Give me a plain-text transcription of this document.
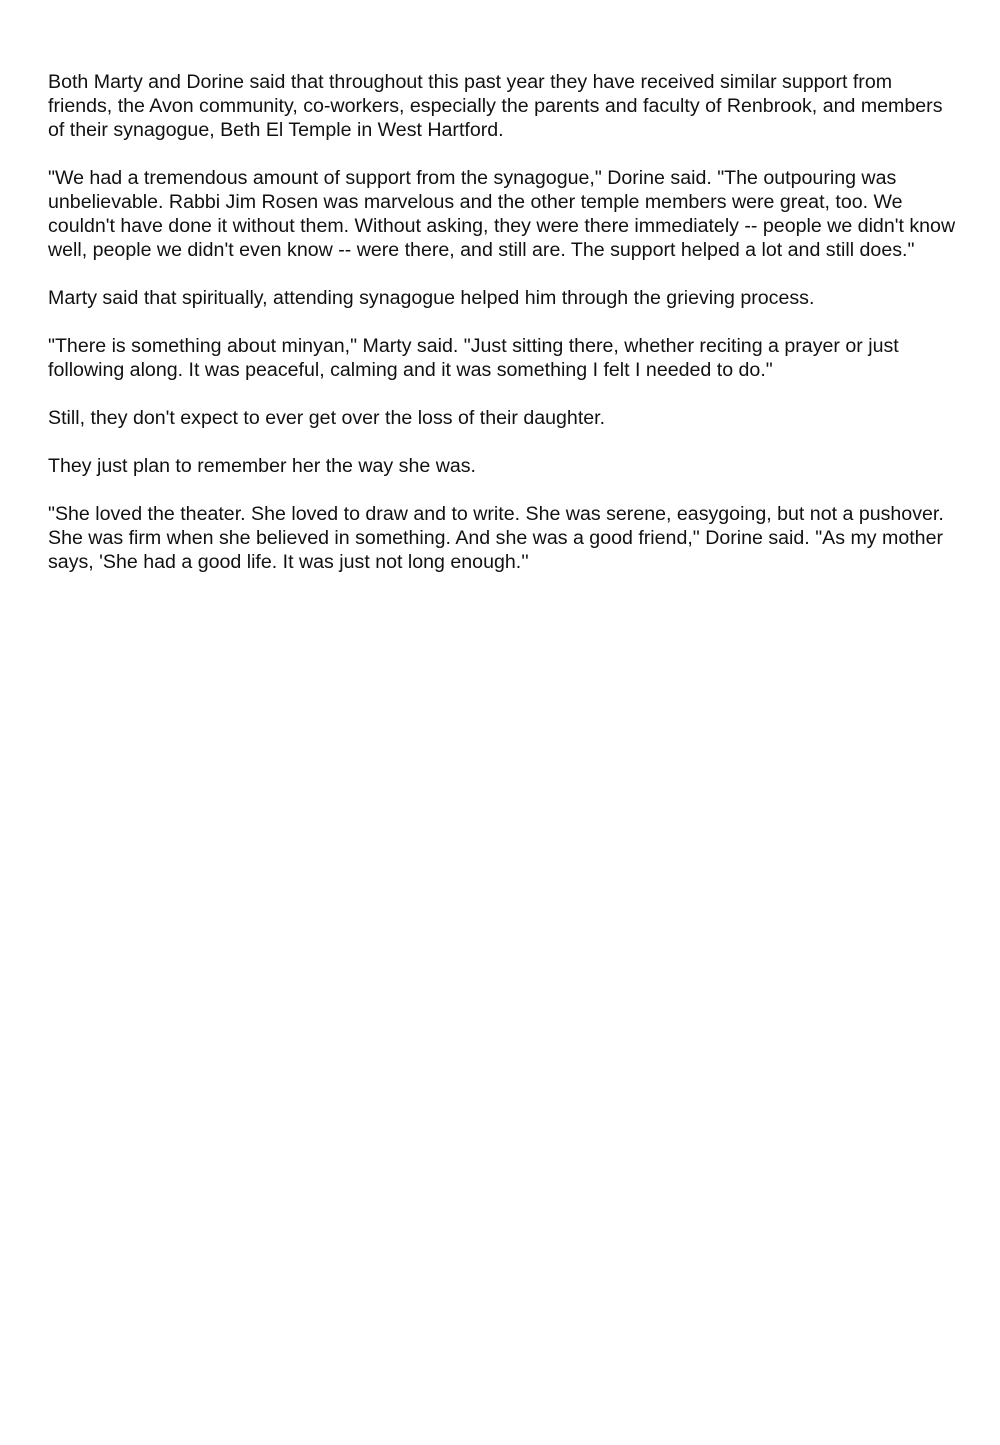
Both Marty and Dorine said that throughout this past year they have received similar support from friends, the Avon community, co-workers, especially the parents and faculty of Renbrook, and members of their synagogue, Beth El Temple in West Hartford.

"We had a tremendous amount of support from the synagogue," Dorine said. "The outpouring was unbelievable. Rabbi Jim Rosen was marvelous and the other temple members were great, too. We couldn't have done it without them. Without asking, they were there immediately -- people we didn't know well, people we didn't even know -- were there, and still are. The support helped a lot and still does."

Marty said that spiritually, attending synagogue helped him through the grieving process.

"There is something about minyan," Marty said. "Just sitting there, whether reciting a prayer or just following along. It was peaceful, calming and it was something I felt I needed to do."

Still, they don't expect to ever get over the loss of their daughter.

They just plan to remember her the way she was.

"She loved the theater. She loved to draw and to write. She was serene, easygoing, but not a pushover. She was firm when she believed in something. And she was a good friend," Dorine said. "As my mother says, 'She had a good life. It was just not long enough.''
